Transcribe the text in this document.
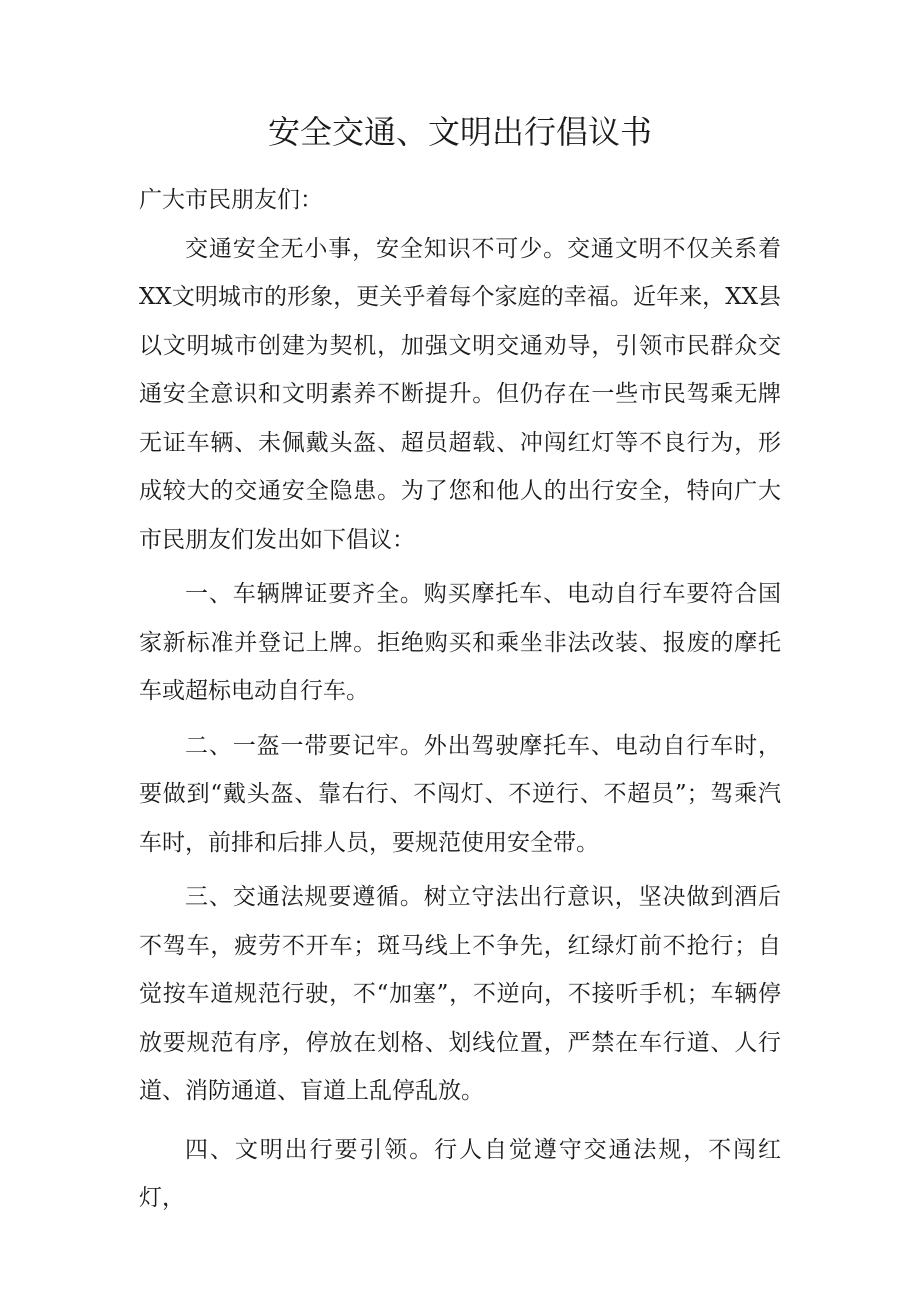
安全交通、文明出行倡议书

广大市民朋友们：

交通安全无小事，安全知识不可少。交通文明不仅关系着XX文明城市的形象，更关乎着每个家庭的幸福。近年来，XX县以文明城市创建为契机，加强文明交通劝导，引领市民群众交通安全意识和文明素养不断提升。但仍存在一些市民驾乘无牌无证车辆、未佩戴头盔、超员超载、冲闯红灯等不良行为，形成较大的交通安全隐患。为了您和他人的出行安全，特向广大市民朋友们发出如下倡议：

一、车辆牌证要齐全。购买摩托车、电动自行车要符合国家新标准并登记上牌。拒绝购买和乘坐非法改装、报废的摩托车或超标电动自行车。

二、一盔一带要记牢。外出驾驶摩托车、电动自行车时，要做到“戴头盔、靠右行、不闯灯、不逆行、不超员”；驾乘汽车时，前排和后排人员，要规范使用安全带。

三、交通法规要遵循。树立守法出行意识，坚决做到酒后不驾车，疲劳不开车；斑马线上不争先，红绿灯前不抢行；自觉按车道规范行驶，不“加塞”，不逆向，不接听手机；车辆停放要规范有序，停放在划格、划线位置，严禁在车行道、人行道、消防通道、盲道上乱停乱放。

四、文明出行要引领。行人自觉遵守交通法规，不闯红灯，
